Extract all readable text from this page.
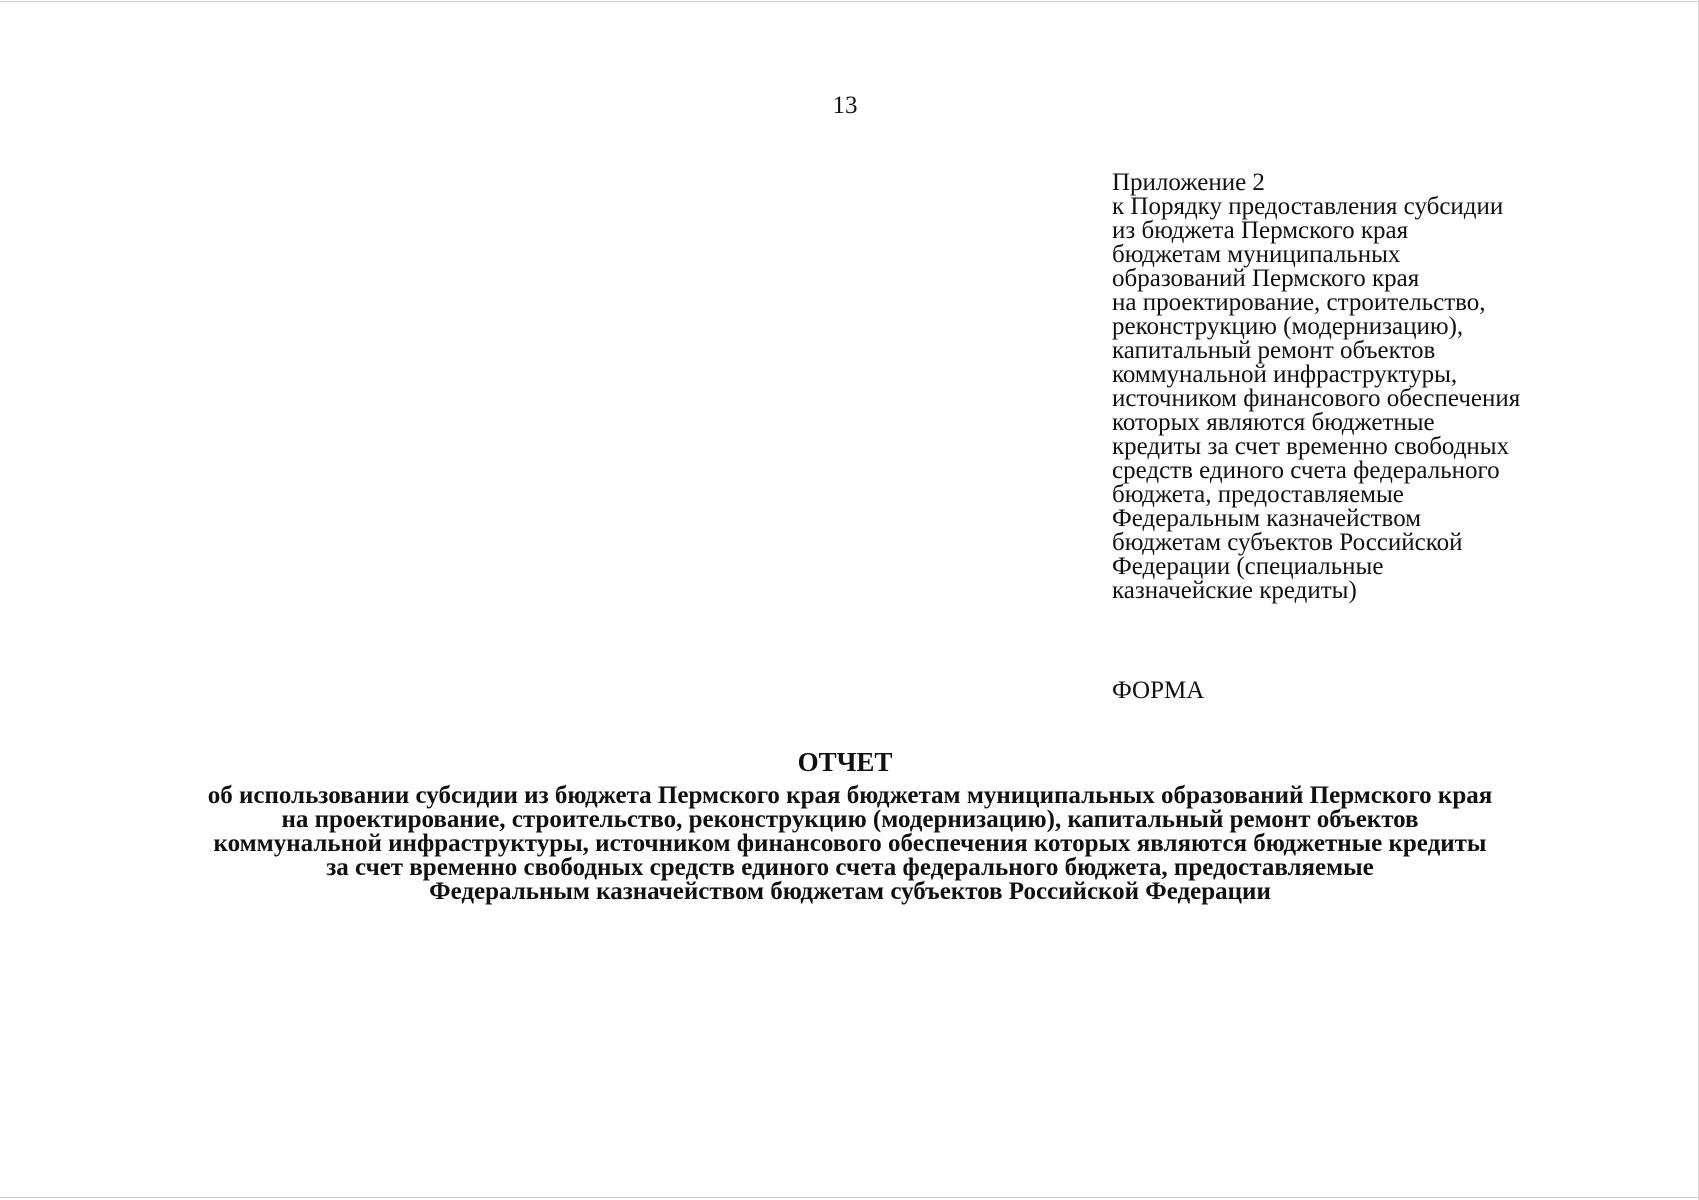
13
Приложение 2
к Порядку предоставления субсидии
из бюджета Пермского края
бюджетам муниципальных
образований Пермского края
на проектирование, строительство,
реконструкцию (модернизацию),
капитальный ремонт объектов
коммунальной инфраструктуры,
источником финансового обеспечения
которых являются бюджетные
кредиты за счет временно свободных
средств единого счета федерального
бюджета, предоставляемые
Федеральным казначейством
бюджетам субъектов Российской
Федерации (специальные
казначейские кредиты)
ФОРМА
ОТЧЕТ
об использовании субсидии из бюджета Пермского края бюджетам муниципальных образований Пермского края
на проектирование, строительство, реконструкцию (модернизацию), капитальный ремонт объектов
коммунальной инфраструктуры, источником финансового обеспечения которых являются бюджетные кредиты
за счет временно свободных средств единого счета федерального бюджета, предоставляемые
Федеральным казначейством бюджетам субъектов Российской Федерации
